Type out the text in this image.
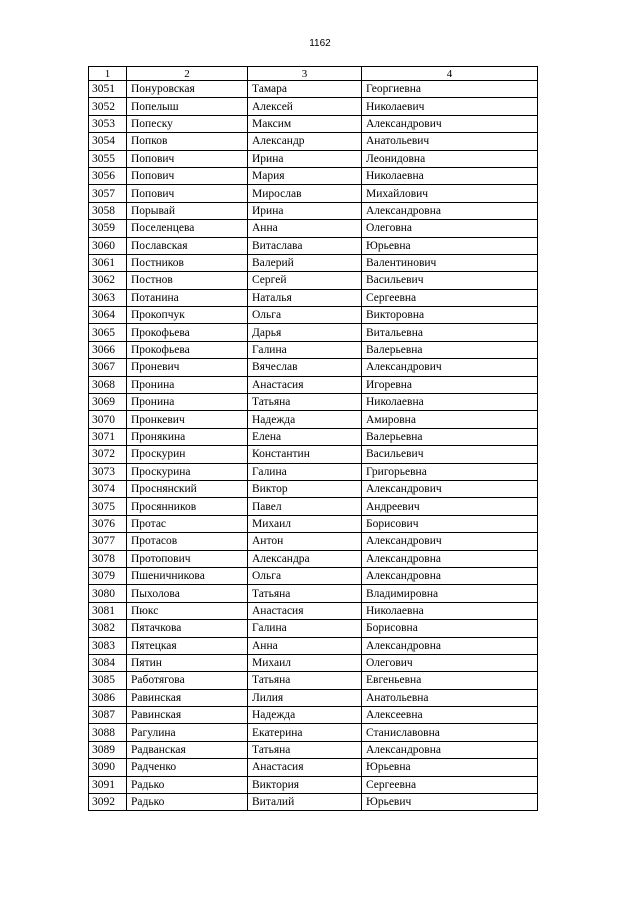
1162
1	2	3	4
3051	Понуровская	Тамара	Георгиевна
3052	Попелыш	Алексей	Николаевич
3053	Попеску	Максим	Александрович
3054	Попков	Александр	Анатольевич
3055	Попович	Ирина	Леонидовна
3056	Попович	Мария	Николаевна
3057	Попович	Мирослав	Михайлович
3058	Порывай	Ирина	Александровна
3059	Поселенцева	Анна	Олеговна
3060	Пославская	Витаслава	Юрьевна
3061	Постников	Валерий	Валентинович
3062	Постнов	Сергей	Васильевич
3063	Потанина	Наталья	Сергеевна
3064	Прокопчук	Ольга	Викторовна
3065	Прокофьева	Дарья	Витальевна
3066	Прокофьева	Галина	Валерьевна
3067	Проневич	Вячеслав	Александрович
3068	Пронина	Анастасия	Игоревна
3069	Пронина	Татьяна	Николаевна
3070	Пронкевич	Надежда	Амировна
3071	Пронякина	Елена	Валерьевна
3072	Проскурин	Константин	Васильевич
3073	Проскурина	Галина	Григорьевна
3074	Проснянский	Виктор	Александрович
3075	Просянников	Павел	Андреевич
3076	Протас	Михаил	Борисович
3077	Протасов	Антон	Александрович
3078	Протопович	Александра	Александровна
3079	Пшеничникова	Ольга	Александровна
3080	Пыхолова	Татьяна	Владимировна
3081	Пюкс	Анастасия	Николаевна
3082	Пятачкова	Галина	Борисовна
3083	Пятецкая	Анна	Александровна
3084	Пятин	Михаил	Олегович
3085	Работягова	Татьяна	Евгеньевна
3086	Равинская	Лилия	Анатольевна
3087	Равинская	Надежда	Алексеевна
3088	Рагулина	Екатерина	Станиславовна
3089	Радванская	Татьяна	Александровна
3090	Радченко	Анастасия	Юрьевна
3091	Радько	Виктория	Сергеевна
3092	Радько	Виталий	Юрьевич
